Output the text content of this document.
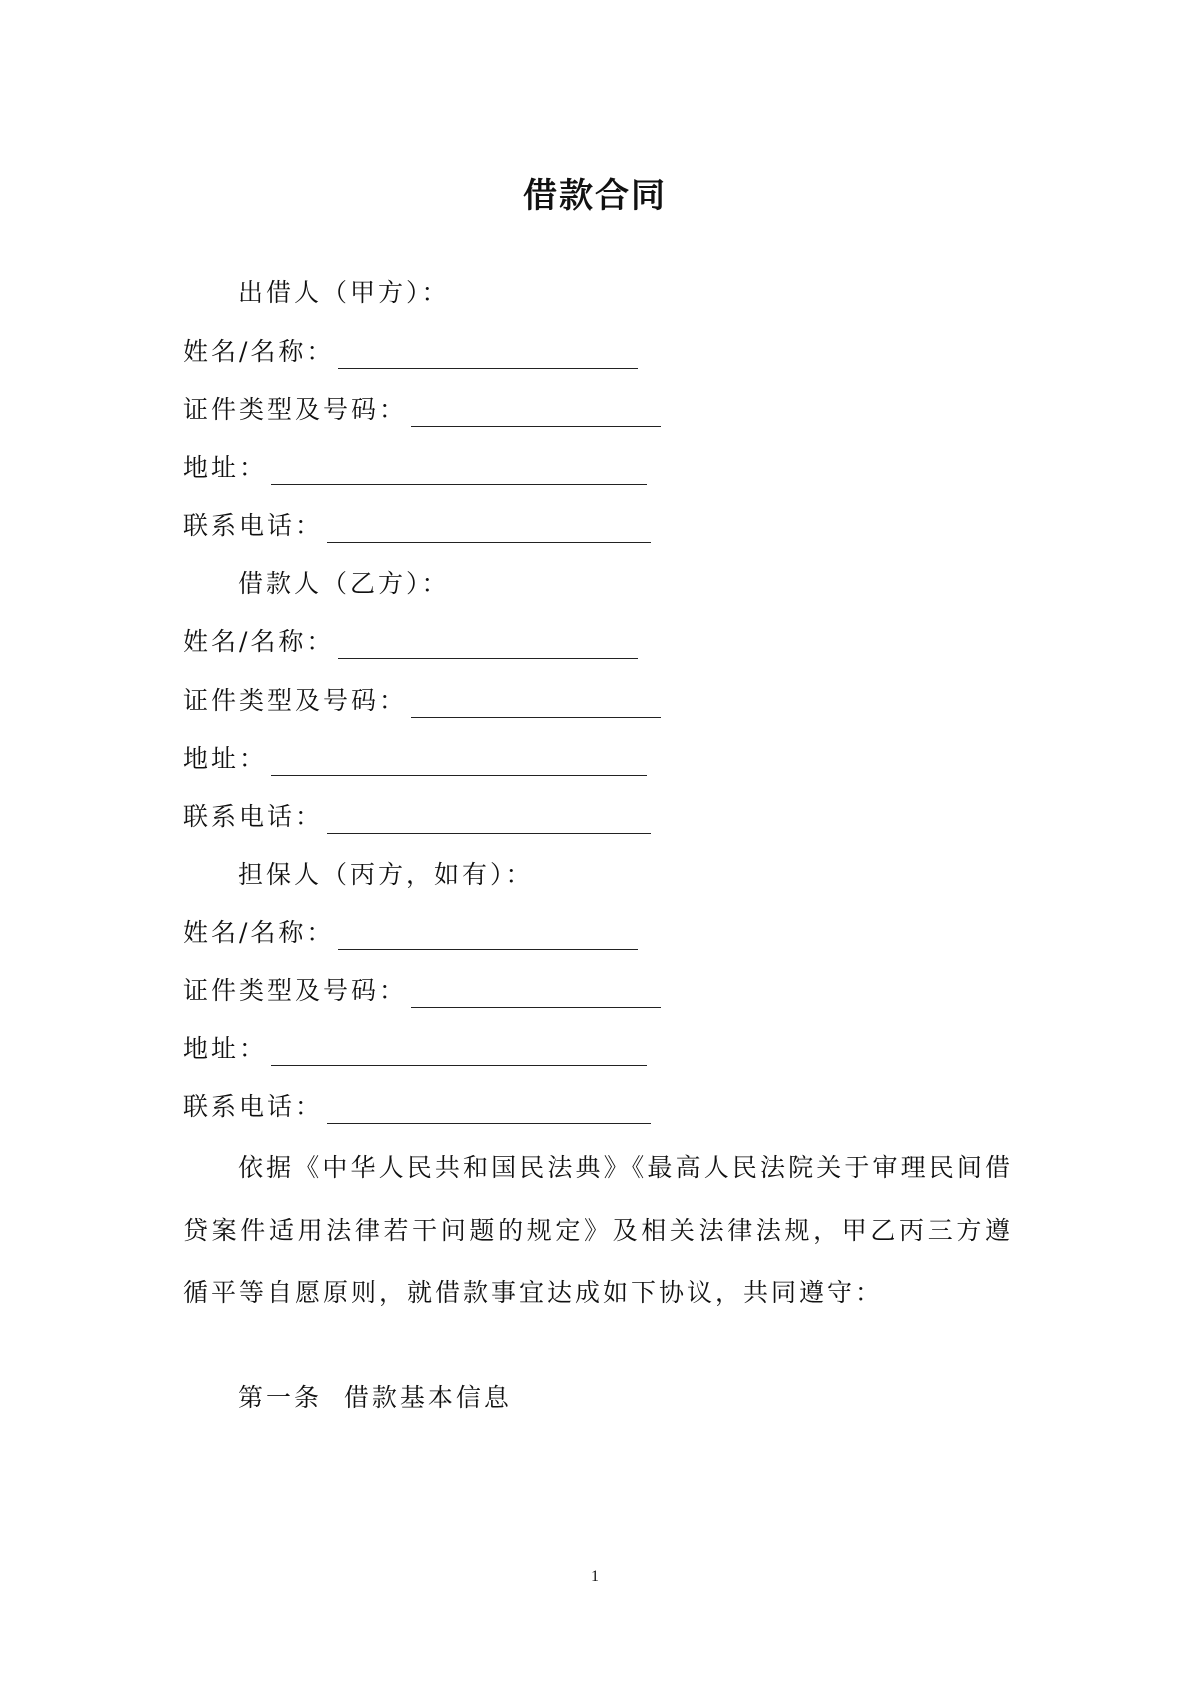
借款合同
出借人（甲方）：
姓名/名称：
证件类型及号码：
地址：
联系电话：
借款人（乙方）：
姓名/名称：
证件类型及号码：
地址：
联系电话：
担保人（丙方，如有）：
姓名/名称：
证件类型及号码：
地址：
联系电话：
依据《中华人民共和国民法典》《最高人民法院关于审理民间借贷案件适用法律若干问题的规定》及相关法律法规，甲乙丙三方遵循平等自愿原则，就借款事宜达成如下协议，共同遵守：
第一条  借款基本信息
1
